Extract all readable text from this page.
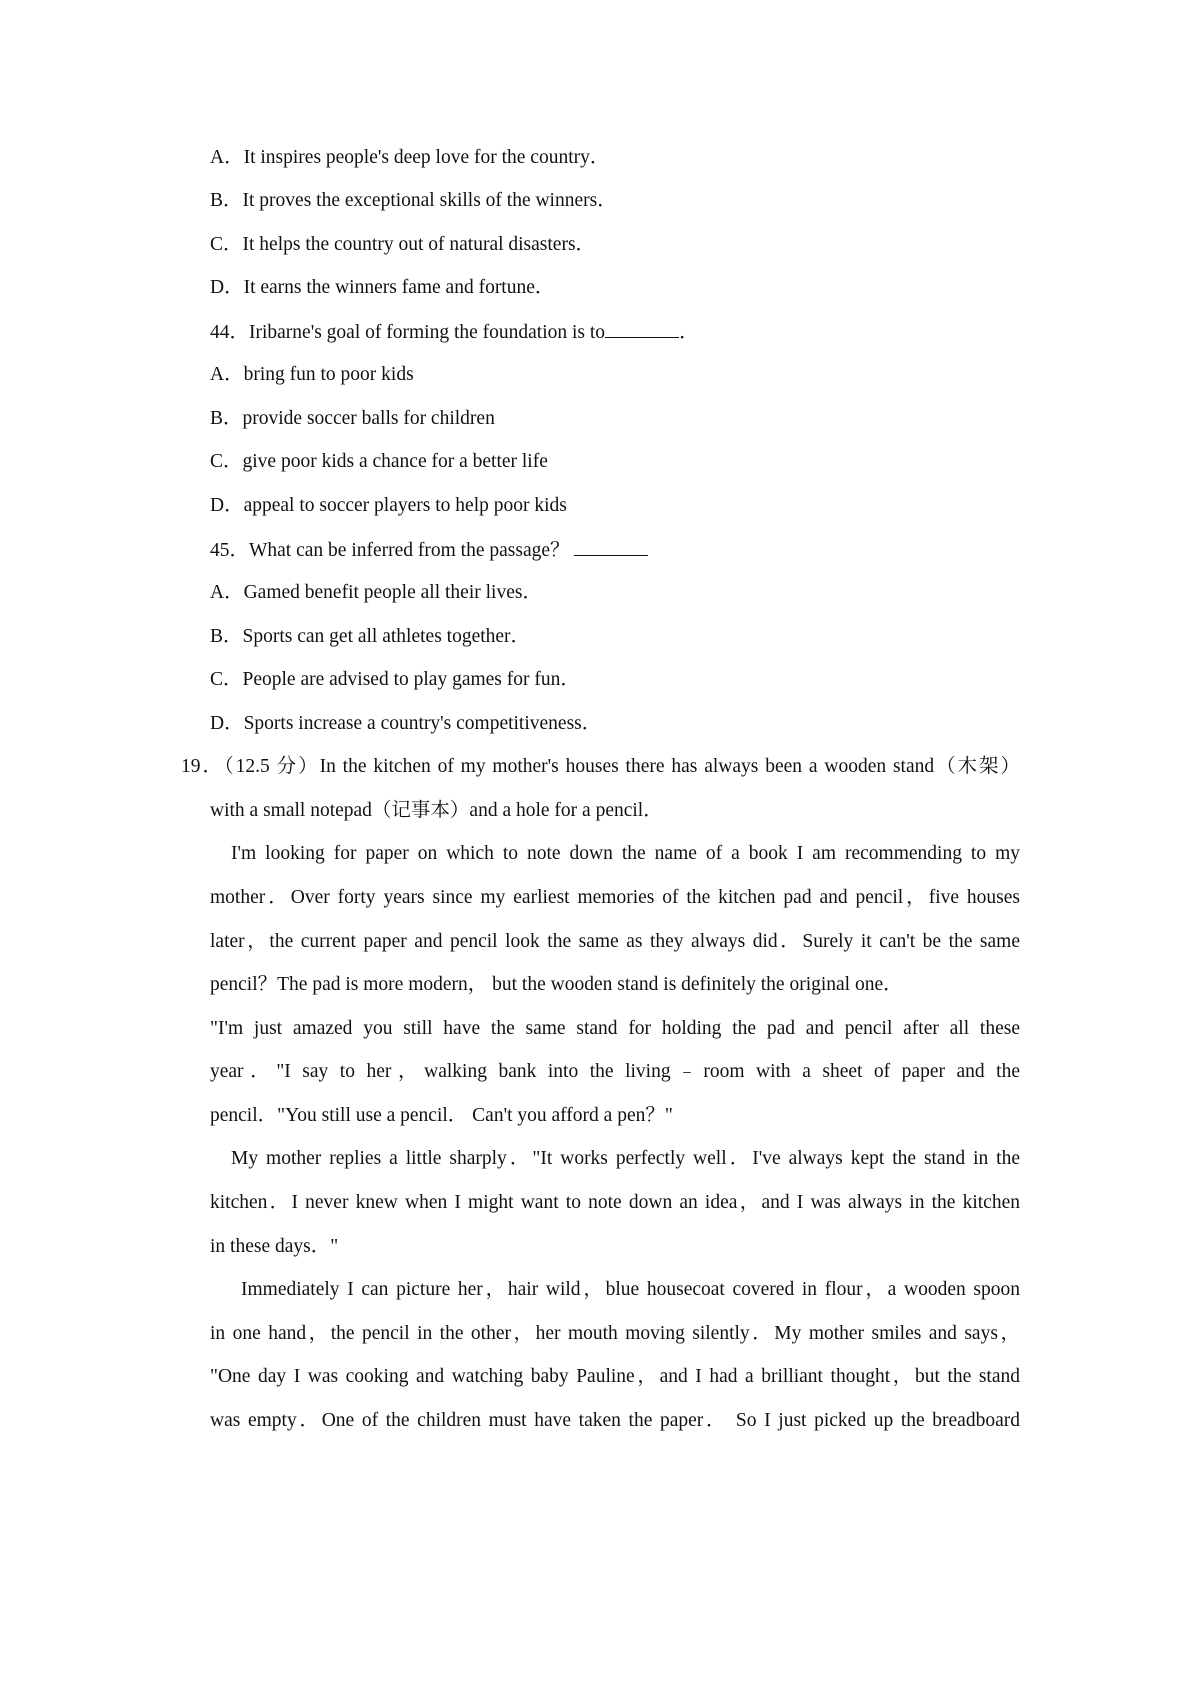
A．It inspires people's deep love for the country．
B．It proves the exceptional skills of the winners．
C．It helps the country out of natural disasters．
D．It earns the winners fame and fortune．
44．Iribarne's goal of forming the foundation is to	．
A．bring fun to poor kids
B．provide soccer balls for children
C．give poor kids a chance for a better life
D．appeal to soccer players to help poor kids
45．What can be inferred from the passage？
A．Gamed benefit people all their lives．
B．Sports can get all athletes together．
C．People are advised to play games for fun．
D．Sports increase a country's competitiveness．
19．（12.5 分）In the kitchen of my mother's houses there has always been a wooden stand（木架）
with a small notepad（记事本）and a hole for a pencil．
I'm looking for paper on which to note down the name of a book I am recommending to my
mother．Over forty years since my earliest memories of the kitchen pad and pencil，five houses
later，the current paper and pencil look the same as they always did．Surely it can't be the same
pencil？The pad is more modern， but the wooden stand is definitely the original one．
"I'm just amazed you still have the same stand for holding the pad and pencil after all these
year．"I say to her，walking bank into the living﹣room with a sheet of paper and the
pencil．"You still use a pencil． Can't you afford a pen？"
My mother replies a little sharply．"It works perfectly well．I've always kept the stand in the
kitchen．I never knew when I might want to note down an idea，and I was always in the kitchen
in these days．"
Immediately I can picture her，hair wild，blue housecoat covered in flour，a wooden spoon
in one hand，the pencil in the other，her mouth moving silently．My mother smiles and says，
"One day I was cooking and watching baby Pauline，and I had a brilliant thought，but the stand
was empty．One of the children must have taken the paper． So I just picked up the breadboard
